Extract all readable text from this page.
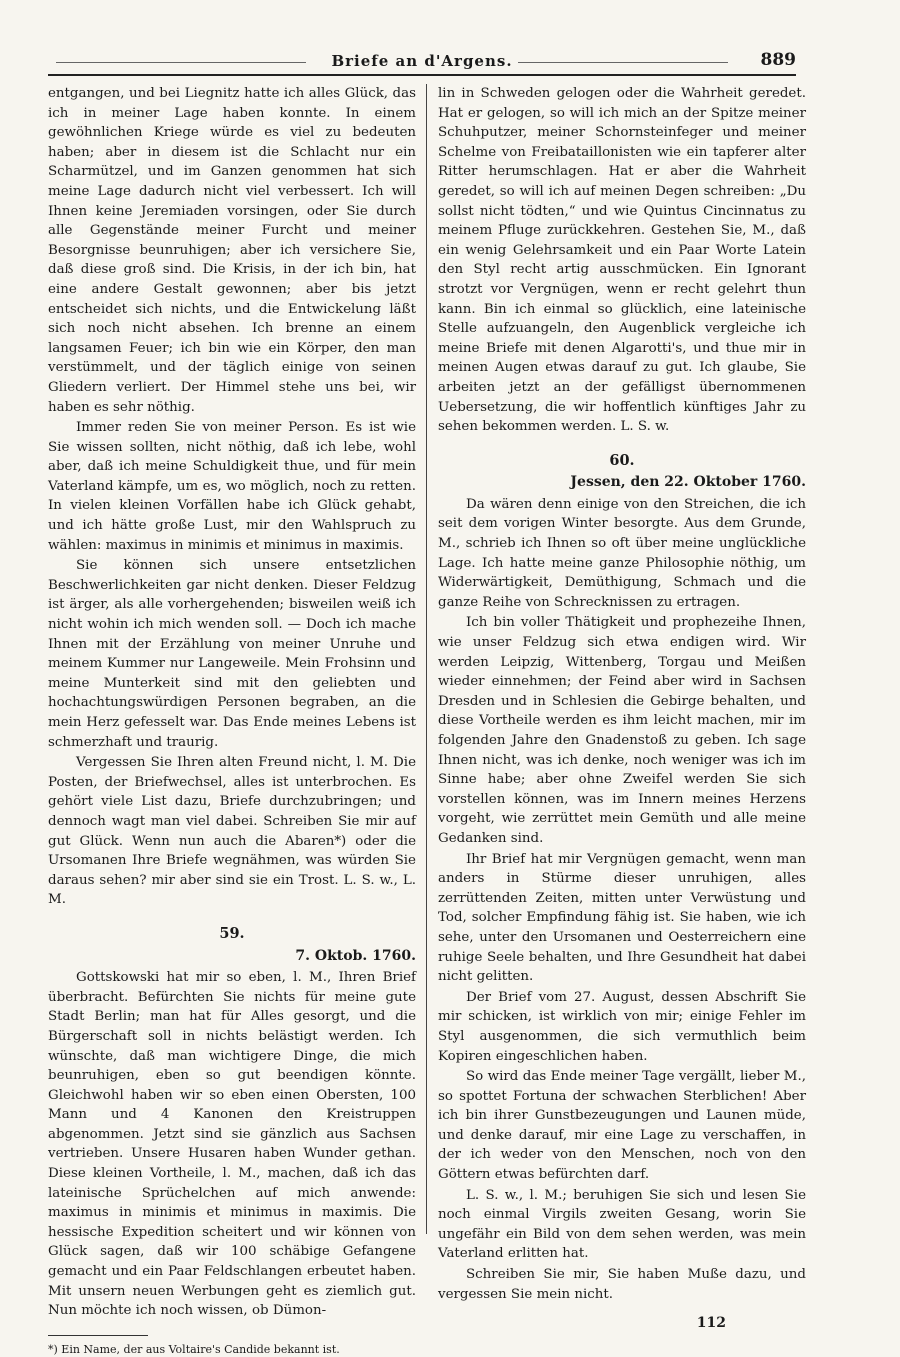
Briefe an d'Argens.	889

entgangen, und bei Liegnitz hatte ich alles Glück, das ich in meiner Lage haben konnte. In einem gewöhnlichen Kriege würde es viel zu bedeuten haben; aber in diesem ist die Schlacht nur ein Scharmützel, und im Ganzen genommen hat sich meine Lage dadurch nicht viel verbessert. Ich will Ihnen keine Jeremiaden vorsingen, oder Sie durch alle Gegenstände meiner Furcht und meiner Besorgnisse beunruhigen; aber ich versichere Sie, daß diese groß sind. Die Krisis, in der ich bin, hat eine andere Gestalt gewonnen; aber bis jetzt entscheidet sich nichts, und die Entwickelung läßt sich noch nicht absehen. Ich brenne an einem langsamen Feuer; ich bin wie ein Körper, den man verstümmelt, und der täglich einige von seinen Gliedern verliert. Der Himmel stehe uns bei, wir haben es sehr nöthig.

Immer reden Sie von meiner Person. Es ist wie Sie wissen sollten, nicht nöthig, daß ich lebe, wohl aber, daß ich meine Schuldigkeit thue, und für mein Vaterland kämpfe, um es, wo möglich, noch zu retten. In vielen kleinen Vorfällen habe ich Glück gehabt, und ich hätte große Lust, mir den Wahlspruch zu wählen: maximus in minimis et minimus in maximis.

Sie können sich unsere entsetzlichen Beschwerlichkeiten gar nicht denken. Dieser Feldzug ist ärger, als alle vorhergehenden; bisweilen weiß ich nicht wohin ich mich wenden soll. — Doch ich mache Ihnen mit der Erzählung von meiner Unruhe und meinem Kummer nur Langeweile. Mein Frohsinn und meine Munterkeit sind mit den geliebten und hochachtungswürdigen Personen begraben, an die mein Herz gefesselt war. Das Ende meines Lebens ist schmerzhaft und traurig.

Vergessen Sie Ihren alten Freund nicht, l. M. Die Posten, der Briefwechsel, alles ist unterbrochen. Es gehört viele List dazu, Briefe durchzubringen; und dennoch wagt man viel dabei. Schreiben Sie mir auf gut Glück. Wenn nun auch die Abaren*) oder die Ursomanen Ihre Briefe wegnähmen, was würden Sie daraus sehen? mir aber sind sie ein Trost. L. S. w., L. M.

59.
7. Oktob. 1760.

Gottskowski hat mir so eben, l. M., Ihren Brief überbracht. Befürchten Sie nichts für meine gute Stadt Berlin; man hat für Alles gesorgt, und die Bürgerschaft soll in nichts belästigt werden. Ich wünschte, daß man wichtigere Dinge, die mich beunruhigen, eben so gut beendigen könnte. Gleichwohl haben wir so eben einen Obersten, 100 Mann und 4 Kanonen den Kreistruppen abgenommen. Jetzt sind sie gänzlich aus Sachsen vertrieben. Unsere Husaren haben Wunder gethan. Diese kleinen Vortheile, l. M., machen, daß ich das lateinische Sprüchelchen auf mich anwende: maximus in minimis et minimus in maximis. Die hessische Expedition scheitert und wir können von Glück sagen, daß wir 100 schäbige Gefangene gemacht und ein Paar Feldschlangen erbeutet haben. Mit unsern neuen Werbungen geht es ziemlich gut. Nun möchte ich noch wissen, ob Dümon-

*) Ein Name, der aus Voltaire's Candide bekannt ist.

lin in Schweden gelogen oder die Wahrheit geredet. Hat er gelogen, so will ich mich an der Spitze meiner Schuhputzer, meiner Schornsteinfeger und meiner Schelme von Freibataillonisten wie ein tapferer alter Ritter herumschlagen. Hat er aber die Wahrheit geredet, so will ich auf meinen Degen schreiben: „Du sollst nicht tödten,“ und wie Quintus Cincinnatus zu meinem Pfluge zurückkehren. Gestehen Sie, M., daß ein wenig Gelehrsamkeit und ein Paar Worte Latein den Styl recht artig ausschmücken. Ein Ignorant strotzt vor Vergnügen, wenn er recht gelehrt thun kann. Bin ich einmal so glücklich, eine lateinische Stelle aufzuangeln, den Augenblick vergleiche ich meine Briefe mit denen Algarotti's, und thue mir in meinen Augen etwas darauf zu gut. Ich glaube, Sie arbeiten jetzt an der gefälligst übernommenen Uebersetzung, die wir hoffentlich künftiges Jahr zu sehen bekommen werden. L. S. w.

60.
Jessen, den 22. Oktober 1760.

Da wären denn einige von den Streichen, die ich seit dem vorigen Winter besorgte. Aus dem Grunde, M., schrieb ich Ihnen so oft über meine unglückliche Lage. Ich hatte meine ganze Philosophie nöthig, um Widerwärtigkeit, Demüthigung, Schmach und die ganze Reihe von Schrecknissen zu ertragen.

Ich bin voller Thätigkeit und prophezeihe Ihnen, wie unser Feldzug sich etwa endigen wird. Wir werden Leipzig, Wittenberg, Torgau und Meißen wieder einnehmen; der Feind aber wird in Sachsen Dresden und in Schlesien die Gebirge behalten, und diese Vortheile werden es ihm leicht machen, mir im folgenden Jahre den Gnadenstoß zu geben. Ich sage Ihnen nicht, was ich denke, noch weniger was ich im Sinne habe; aber ohne Zweifel werden Sie sich vorstellen können, was im Innern meines Herzens vorgeht, wie zerrüttet mein Gemüth und alle meine Gedanken sind.

Ihr Brief hat mir Vergnügen gemacht, wenn man anders in Stürme dieser unruhigen, alles zerrüttenden Zeiten, mitten unter Verwüstung und Tod, solcher Empfindung fähig ist. Sie haben, wie ich sehe, unter den Ursomanen und Oesterreichern eine ruhige Seele behalten, und Ihre Gesundheit hat dabei nicht gelitten.

Der Brief vom 27. August, dessen Abschrift Sie mir schicken, ist wirklich von mir; einige Fehler im Styl ausgenommen, die sich vermuthlich beim Kopiren eingeschlichen haben.

So wird das Ende meiner Tage vergällt, lieber M., so spottet Fortuna der schwachen Sterblichen! Aber ich bin ihrer Gunstbezeugungen und Launen müde, und denke darauf, mir eine Lage zu verschaffen, in der ich weder von den Menschen, noch von den Göttern etwas befürchten darf.

L. S. w., l. M.; beruhigen Sie sich und lesen Sie noch einmal Virgils zweiten Gesang, worin Sie ungefähr ein Bild von dem sehen werden, was mein Vaterland erlitten hat.

Schreiben Sie mir, Sie haben Muße dazu, und vergessen Sie mein nicht.

112
